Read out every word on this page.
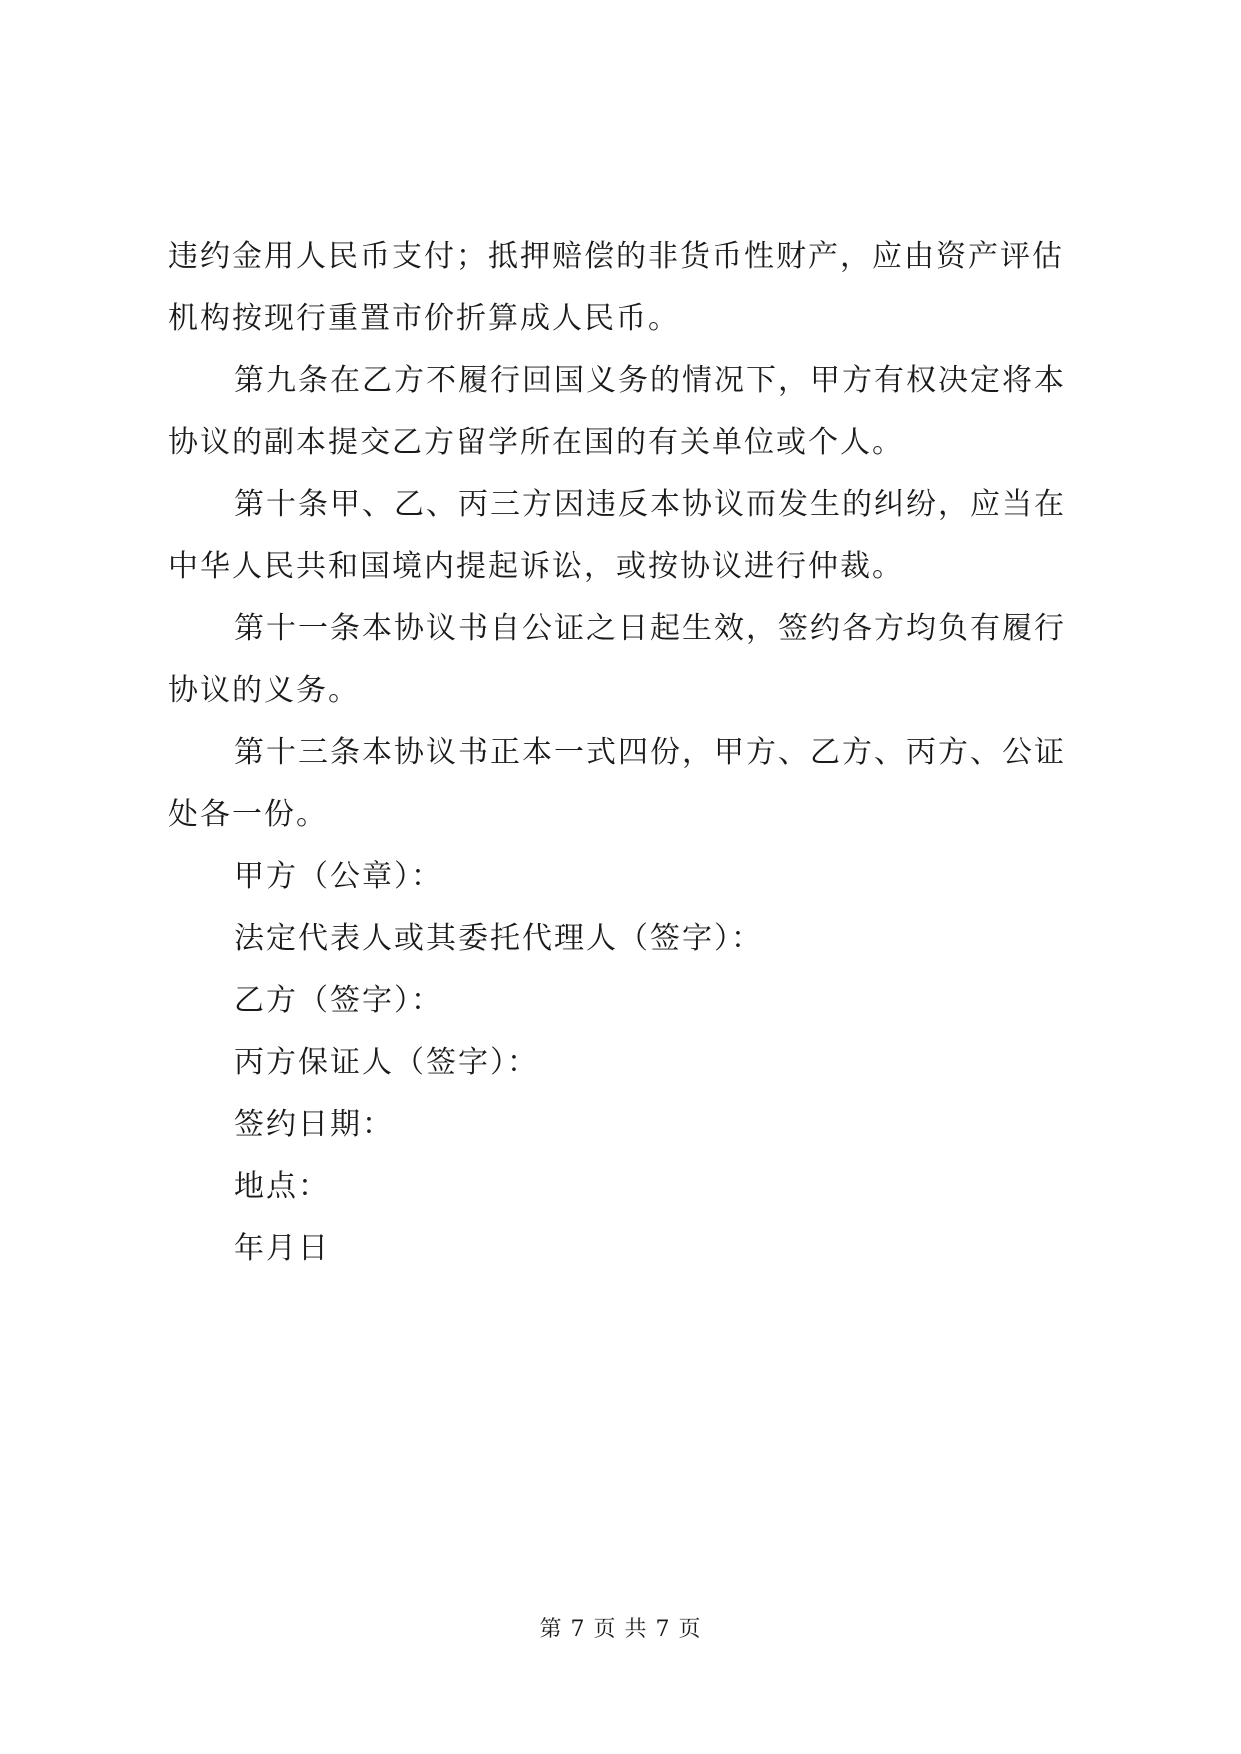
违约金用人民币支付；抵押赔偿的非货币性财产，应由资产评估机构按现行重置市价折算成人民币。

第九条在乙方不履行回国义务的情况下，甲方有权决定将本协议的副本提交乙方留学所在国的有关单位或个人。

第十条甲、乙、丙三方因违反本协议而发生的纠纷，应当在中华人民共和国境内提起诉讼，或按协议进行仲裁。

第十一条本协议书自公证之日起生效，签约各方均负有履行协议的义务。

第十三条本协议书正本一式四份，甲方、乙方、丙方、公证处各一份。

甲方（公章）：

法定代表人或其委托代理人（签字）：

乙方（签字）：

丙方保证人（签字）：

签约日期：

地点：

年月日

第 7 页 共 7 页
